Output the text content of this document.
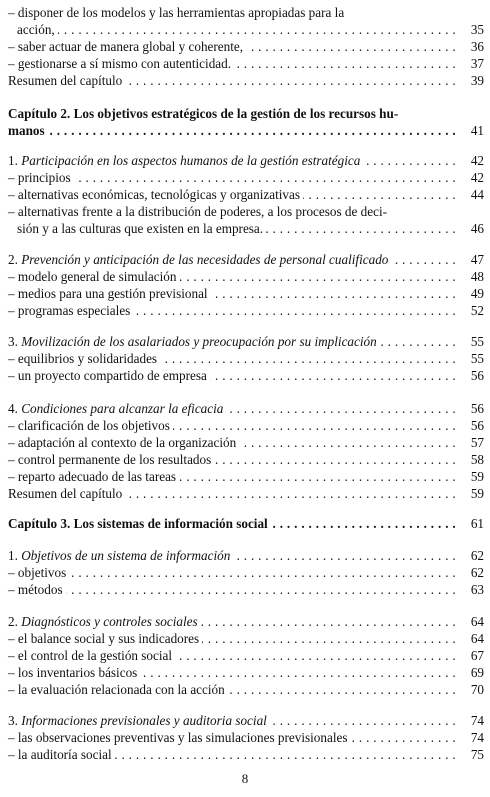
– disponer de los modelos y las herramientas apropiadas para la
acción, . . .	35
– saber actuar de manera global y coherente, . . .	36
– gestionarse a sí mismo con autenticidad. . . .	37
Resumen del capítulo . . .	39
Capítulo 2. Los objetivos estratégicos de la gestión de los recursos hu-
manos . . .	41
1. Participación en los aspectos humanos de la gestión estratégica . . .	42
– principios . . .	42
– alternativas económicas, tecnológicas y organizativas . . .	44
– alternativas frente a la distribución de poderes, a los procesos de deci-
sión y a las culturas que existen en la empresa. . . .	46
2. Prevención y anticipación de las necesidades de personal cualificado . . .	47
– modelo general de simulación . . .	48
– medios para una gestión previsional . . .	49
– programas especiales . . .	52
3. Movilización de los asalariados y preocupación por su implicación . . .	55
– equilibrios y solidaridades . . .	55
– un proyecto compartido de empresa . . .	56
4. Condiciones para alcanzar la eficacia . . .	56
– clarificación de los objetivos . . .	56
– adaptación al contexto de la organización . . .	57
– control permanente de los resultados . . .	58
– reparto adecuado de las tareas . . .	59
Resumen del capítulo . . .	59
Capítulo 3. Los sistemas de información social . . .	61
1. Objetivos de un sistema de información . . .	62
– objetivos . . .	62
– métodos . . .	63
2. Diagnósticos y controles sociales . . .	64
– el balance social y sus indicadores . . .	64
– el control de la gestión social . . .	67
– los inventarios básicos . . .	69
– la evaluación relacionada con la acción . . .	70
3. Informaciones previsionales y auditoria social . . .	74
– las observaciones preventivas y las simulaciones previsionales . . .	74
– la auditoría social . . .	75
8
